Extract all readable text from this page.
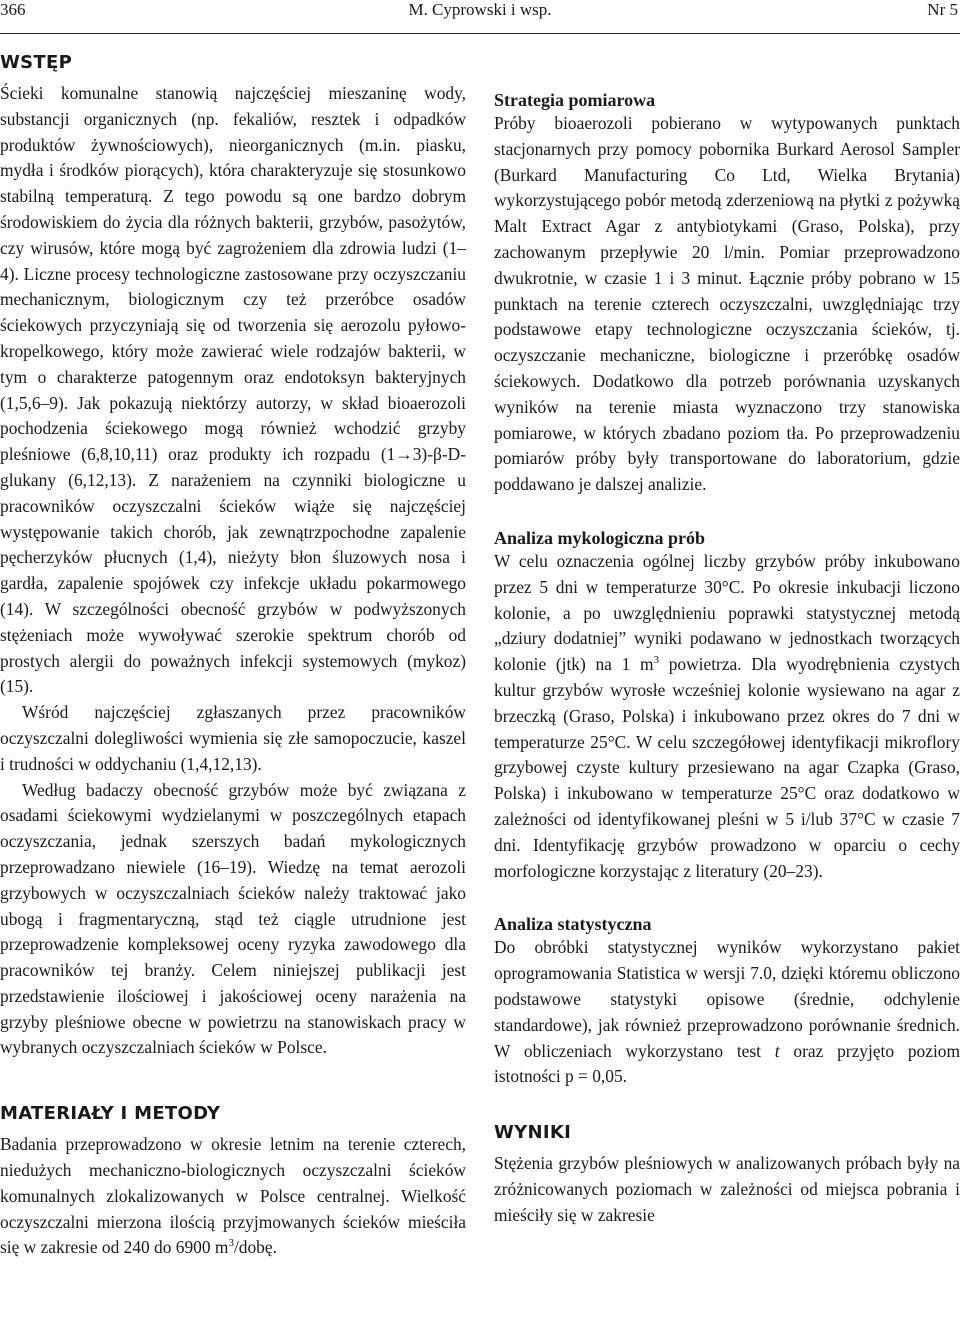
366	M. Cyprowski i wsp.	Nr 5
WSTĘP

Ścieki komunalne stanowią najczęściej mieszaninę wody, substancji organicznych (np. fekaliów, resztek i odpadków produktów żywnościowych), nieorganicznych (m.in. piasku, mydła i środków piorących), która charakteryzuje się stosunkowo stabilną temperaturą. Z tego powodu są one bardzo dobrym środowiskiem do życia dla różnych bakterii, grzybów, pasożytów, czy wirusów, które mogą być zagrożeniem dla zdrowia ludzi (1–4). Liczne procesy technologiczne zastosowane przy oczyszczaniu mechanicznym, biologicznym czy też przeróbce osadów ściekowych przyczyniają się od tworzenia się aerozolu pyłowo-kropelkowego, który może zawierać wiele rodzajów bakterii, w tym o charakterze patogennym oraz endotoksyn bakteryjnych (1,5,6–9). Jak pokazują niektórzy autorzy, w skład bioaerozoli pochodzenia ściekowego mogą również wchodzić grzyby pleśniowe (6,8,10,11) oraz produkty ich rozpadu (1→3)-β-D-glukany (6,12,13). Z narażeniem na czynniki biologiczne u pracowników oczyszczalni ścieków wiąże się najczęściej występowanie takich chorób, jak zewnątrzpochodne zapalenie pęcherzyków płucnych (1,4), nieżyty błon śluzowych nosa i gardła, zapalenie spojówek czy infekcje układu pokarmowego (14). W szczególności obecność grzybów w podwyższonych stężeniach może wywoływać szerokie spektrum chorób od prostych alergii do poważnych infekcji systemowych (mykoz) (15).

Wśród najczęściej zgłaszanych przez pracowników oczyszczalni dolegliwości wymienia się złe samopoczucie, kaszel i trudności w oddychaniu (1,4,12,13).

Według badaczy obecność grzybów może być związana z osadami ściekowymi wydzielanymi w poszczególnych etapach oczyszczania, jednak szerszych badań mykologicznych przeprowadzano niewiele (16–19). Wiedzę na temat aerozoli grzybowych w oczyszczalniach ścieków należy traktować jako ubogą i fragmentaryczną, stąd też ciągle utrudnione jest przeprowadzenie kompleksowej oceny ryzyka zawodowego dla pracowników tej branży. Celem niniejszej publikacji jest przedstawienie ilościowej i jakościowej oceny narażenia na grzyby pleśniowe obecne w powietrzu na stanowiskach pracy w wybranych oczyszczalniach ścieków w Polsce.

MATERIAŁY I METODY

Badania przeprowadzono w okresie letnim na terenie czterech, niedużych mechaniczno-biologicznych oczyszczalni ścieków komunalnych zlokalizowanych w Polsce centralnej. Wielkość oczyszczalni mierzona ilością przyjmowanych ścieków mieściła się w zakresie od 240 do 6900 $m^3$/dobę.

Strategia pomiarowa

Próby bioaerozoli pobierano w wytypowanych punktach stacjonarnych przy pomocy pobornika Burkard Aerosol Sampler (Burkard Manufacturing Co Ltd, Wielka Brytania) wykorzystującego pobór metodą zderzeniową na płytki z pożywką Malt Extract Agar z antybiotykami (Graso, Polska), przy zachowanym przepływie 20 l/min. Pomiar przeprowadzono dwukrotnie, w czasie 1 i 3 minut. Łącznie próby pobrano w 15 punktach na terenie czterech oczyszczalni, uwzględniając trzy podstawowe etapy technologiczne oczyszczania ścieków, tj. oczyszczanie mechaniczne, biologiczne i przeróbkę osadów ściekowych. Dodatkowo dla potrzeb porównania uzyskanych wyników na terenie miasta wyznaczono trzy stanowiska pomiarowe, w których zbadano poziom tła. Po przeprowadzeniu pomiarów próby były transportowane do laboratorium, gdzie poddawano je dalszej analizie.

Analiza mykologiczna prób

W celu oznaczenia ogólnej liczby grzybów próby inkubowano przez 5 dni w temperaturze 30°C. Po okresie inkubacji liczono kolonie, a po uwzględnieniu poprawki statystycznej metodą „dziury dodatniej” wyniki podawano w jednostkach tworzących kolonie (jtk) na 1 $m^3$ powietrza. Dla wyodrębnienia czystych kultur grzybów wyrosłe wcześniej kolonie wysiewano na agar z brzeczką (Graso, Polska) i inkubowano przez okres do 7 dni w temperaturze 25°C. W celu szczegółowej identyfikacji mikroflory grzybowej czyste kultury przesiewano na agar Czapka (Graso, Polska) i inkubowano w temperaturze 25°C oraz dodatkowo w zależności od identyfikowanej pleśni w 5 i/lub 37°C w czasie 7 dni. Identyfikację grzybów prowadzono w oparciu o cechy morfologiczne korzystając z literatury (20–23).

Analiza statystyczna

Do obróbki statystycznej wyników wykorzystano pakiet oprogramowania Statistica w wersji 7.0, dzięki któremu obliczono podstawowe statystyki opisowe (średnie, odchylenie standardowe), jak również przeprowadzono porównanie średnich. W obliczeniach wykorzystano test t oraz przyjęto poziom istotności p = 0,05.

WYNIKI

Stężenia grzybów pleśniowych w analizowanych próbach były na zróżnicowanych poziomach w zależności od miejsca pobrania i mieściły się w zakresie
